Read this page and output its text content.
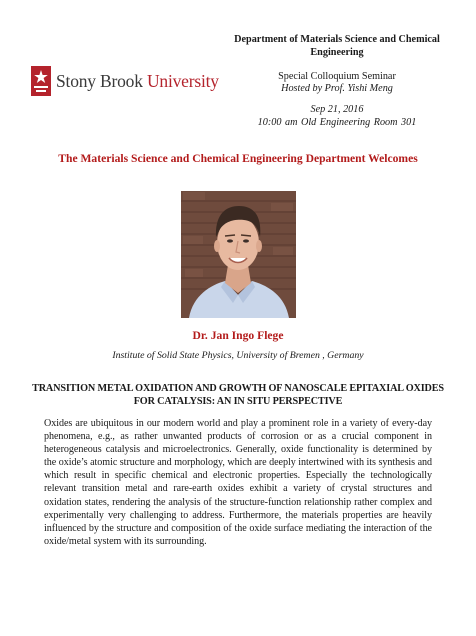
Stony Brook University
Department of Materials Science and Chemical Engineering
Special Colloquium Seminar
Hosted by Prof. Yishi Meng
Sep 21, 2016
10:00 am Old Engineering Room 301
The Materials Science and Chemical Engineering Department Welcomes
Dr. Jan Ingo Flege
Institute of Solid State Physics, University of Bremen , Germany
TRANSITION METAL OXIDATION AND GROWTH OF NANOSCALE EPITAXIAL OXIDES FOR CATALYSIS: AN IN SITU PERSPECTIVE

Oxides are ubiquitous in our modern world and play a prominent role in a variety of every-day phenomena, e.g., as rather unwanted products of corrosion or as a crucial component in heterogeneous catalysis and microelectronics. Generally, oxide functionality is determined by the oxide’s atomic structure and morphology, which are deeply intertwined with its synthesis and which result in specific chemical and electronic properties. Especially the technologically relevant transition metal and rare-earth oxides exhibit a variety of crystal structures and oxidation states, rendering the analysis of the structure-function relationship rather complex and experimentally very challenging to address. Furthermore, the materials properties are heavily influenced by the structure and composition of the oxide surface mediating the interaction of the oxide/metal system with its surrounding.
